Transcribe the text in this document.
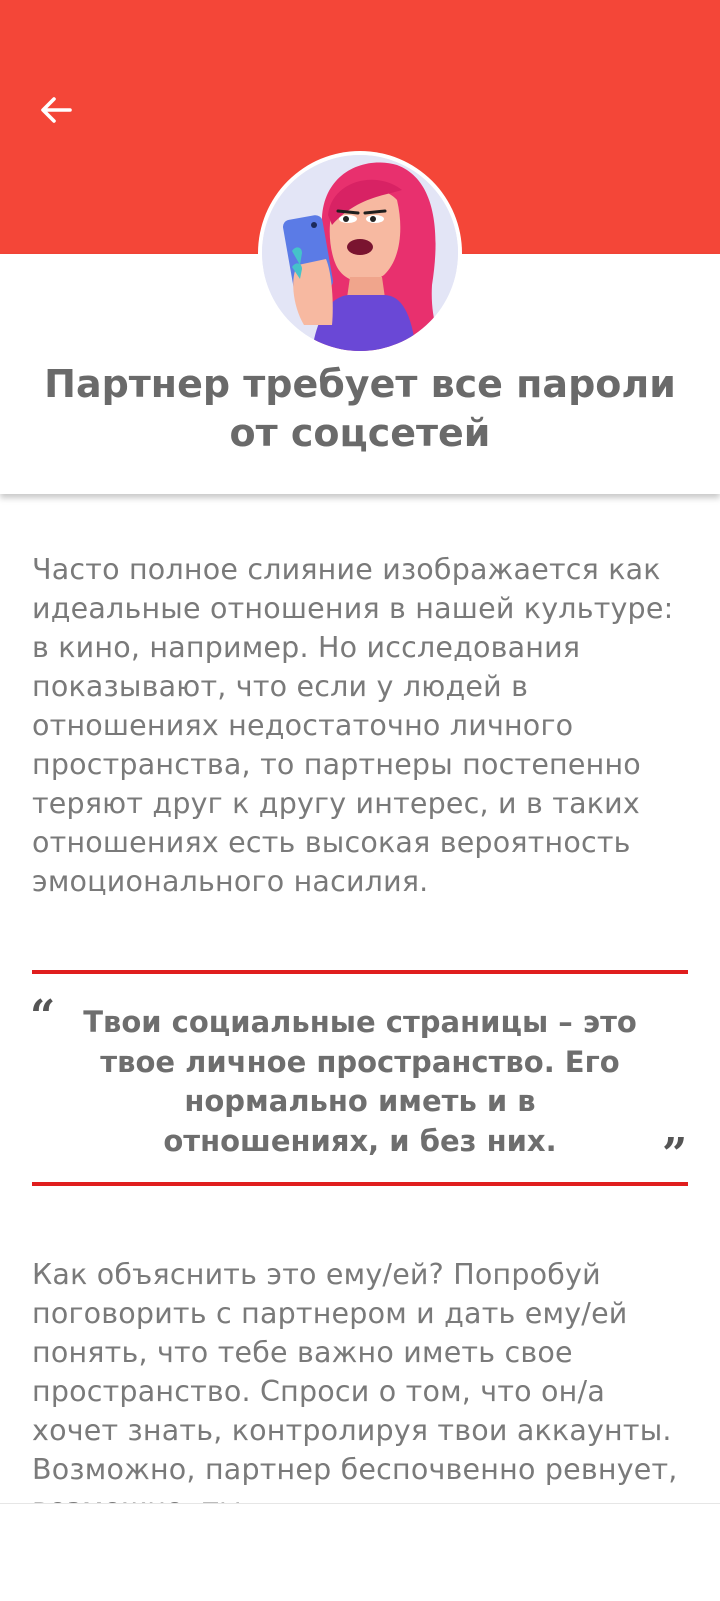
Партнер требует все пароли от соцсетей

Часто полное слияние изображается как идеальные отношения в нашей культуре: в кино, например. Но исследования показывают, что если у людей в отношениях недостаточно личного пространства, то партнеры постепенно теряют друг к другу интерес, и в таких отношениях есть высокая вероятность эмоционального насилия.

“ Твои социальные страницы – это твое личное пространство. Его нормально иметь и в отношениях, и без них.	”

Как объяснить это ему/ей? Попробуй поговорить с партнером и дать ему/ей понять, что тебе важно иметь свое пространство. Спроси о том, что он/а хочет знать, контролируя твои аккаунты. Возможно, партнер беспочвенно ревнует,
